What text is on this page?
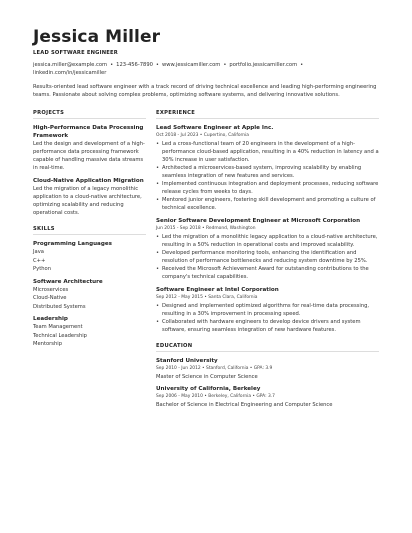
Jessica Miller
LEAD SOFTWARE ENGINEER
jessica.miller@example.com • 123-456-7890 • www.jessicamiller.com • portfolio.jessicamiller.com •
linkedin.com/in/jessicamiller
Results-oriented lead software engineer with a track record of driving technical excellence and leading high-performing engineering teams. Passionate about solving complex problems, optimizing software systems, and delivering innovative solutions.
PROJECTS
High-Performance Data Processing Framework
Led the design and development of a high-performance data processing framework capable of handling massive data streams in real-time.
Cloud-Native Application Migration
Led the migration of a legacy monolithic application to a cloud-native architecture, optimizing scalability and reducing operational costs.
SKILLS
Programming Languages
Java
C++
Python
Software Architecture
Microservices
Cloud-Native
Distributed Systems
Leadership
Team Management
Technical Leadership
Mentorship
EXPERIENCE
Lead Software Engineer at Apple Inc.
Oct 2018 - Jul 2023 • Cupertino, California
• Led a cross-functional team of 20 engineers in the development of a high-performance cloud-based application, resulting in a 40% reduction in latency and a 30% increase in user satisfaction.
• Architected a microservices-based system, improving scalability by enabling seamless integration of new features and services.
• Implemented continuous integration and deployment processes, reducing software release cycles from weeks to days.
• Mentored junior engineers, fostering skill development and promoting a culture of technical excellence.
Senior Software Development Engineer at Microsoft Corporation
Jun 2015 - Sep 2018 • Redmond, Washington
• Led the migration of a monolithic legacy application to a cloud-native architecture, resulting in a 50% reduction in operational costs and improved scalability.
• Developed performance monitoring tools, enhancing the identification and resolution of performance bottlenecks and reducing system downtime by 25%.
• Received the Microsoft Achievement Award for outstanding contributions to the company's technical capabilities.
Software Engineer at Intel Corporation
Sep 2012 - May 2015 • Santa Clara, California
• Designed and implemented optimized algorithms for real-time data processing, resulting in a 30% improvement in processing speed.
• Collaborated with hardware engineers to develop device drivers and system software, ensuring seamless integration of new hardware features.
EDUCATION
Stanford University
Sep 2010 - Jun 2012 • Stanford, California • GPA: 3.9
Master of Science in Computer Science
University of California, Berkeley
Sep 2006 - May 2010 • Berkeley, California • GPA: 3.7
Bachelor of Science in Electrical Engineering and Computer Science
